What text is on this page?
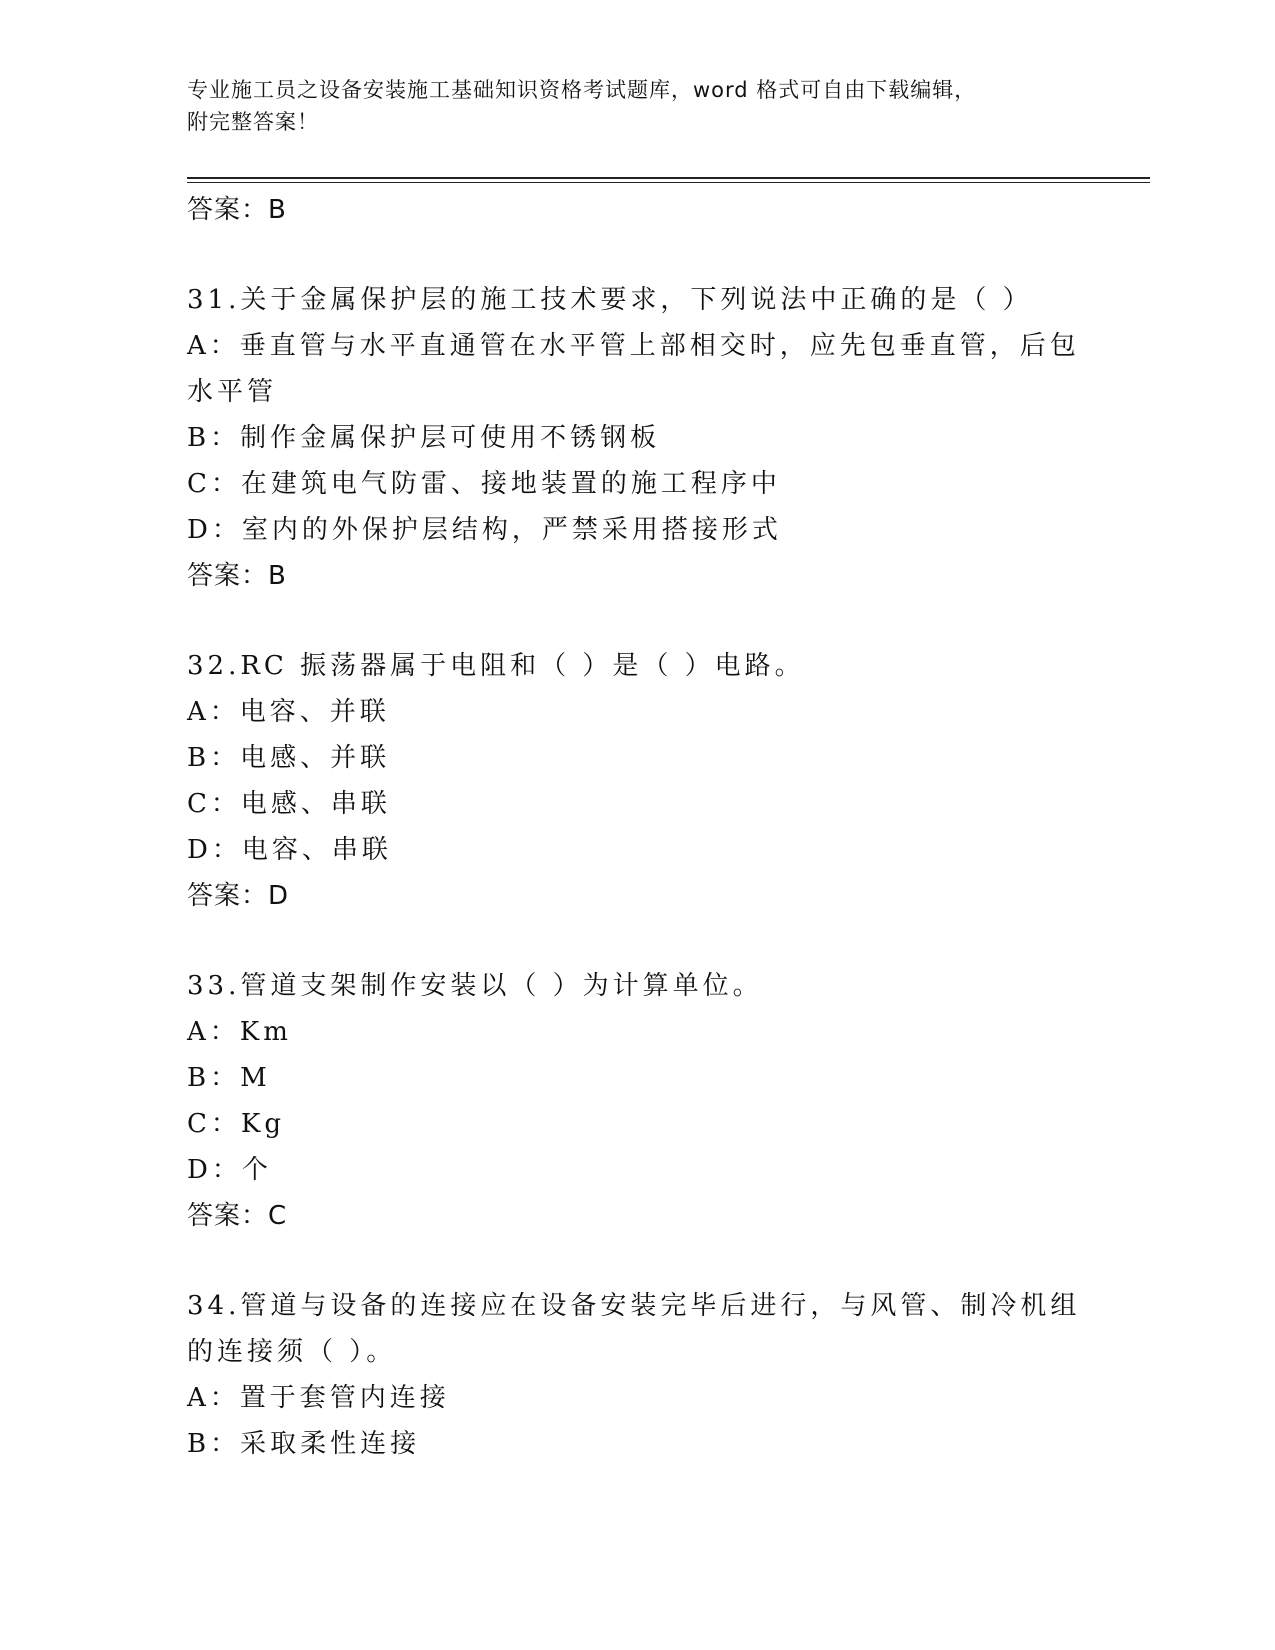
专业施工员之设备安装施工基础知识资格考试题库，word 格式可自由下载编辑，
附完整答案！

答案：B

31.关于金属保护层的施工技术要求，下列说法中正确的是（ ）

A：垂直管与水平直通管在水平管上部相交时，应先包垂直管，后包水平管

B：制作金属保护层可使用不锈钢板

C：在建筑电气防雷、接地装置的施工程序中

D：室内的外保护层结构，严禁采用搭接形式

答案：B

32.RC 振荡器属于电阻和（ ）是（ ）电路。

A：电容、并联

B：电感、并联

C：电感、串联

D：电容、串联

答案：D

33.管道支架制作安装以（ ）为计算单位。

A：Km

B：M

C：Kg

D：个

答案：C

34.管道与设备的连接应在设备安装完毕后进行，与风管、制冷机组的连接须（ ）。

A：置于套管内连接

B：采取柔性连接
